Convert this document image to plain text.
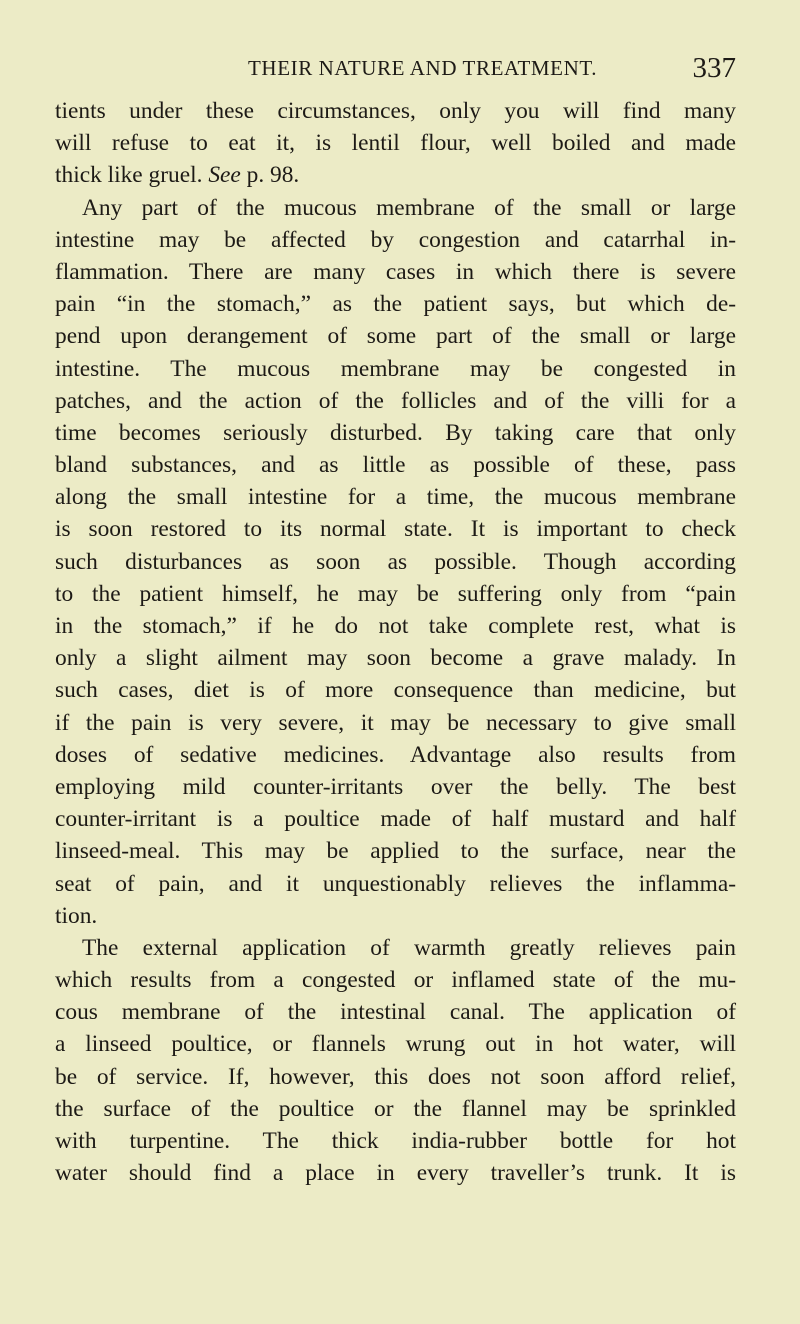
THEIR NATURE AND TREATMENT.	337
tients under these circumstances, only you will find many
will refuse to eat it, is lentil flour, well boiled and made
thick like gruel. See p. 98.
Any part of the mucous membrane of the small or large
intestine may be affected by congestion and catarrhal in-
flammation. There are many cases in which there is severe
pain “in the stomach,” as the patient says, but which de-
pend upon derangement of some part of the small or large
intestine. The mucous membrane may be congested in
patches, and the action of the follicles and of the villi for a
time becomes seriously disturbed. By taking care that only
bland substances, and as little as possible of these, pass
along the small intestine for a time, the mucous membrane
is soon restored to its normal state. It is important to check
such disturbances as soon as possible. Though according
to the patient himself, he may be suffering only from “pain
in the stomach,” if he do not take complete rest, what is
only a slight ailment may soon become a grave malady. In
such cases, diet is of more consequence than medicine, but
if the pain is very severe, it may be necessary to give small
doses of sedative medicines. Advantage also results from
employing mild counter-irritants over the belly. The best
counter-irritant is a poultice made of half mustard and half
linseed-meal. This may be applied to the surface, near the
seat of pain, and it unquestionably relieves the inflamma-
tion.
The external application of warmth greatly relieves pain
which results from a congested or inflamed state of the mu-
cous membrane of the intestinal canal. The application of
a linseed poultice, or flannels wrung out in hot water, will
be of service. If, however, this does not soon afford relief,
the surface of the poultice or the flannel may be sprinkled
with turpentine. The thick india-rubber bottle for hot
water should find a place in every traveller’s trunk. It is
